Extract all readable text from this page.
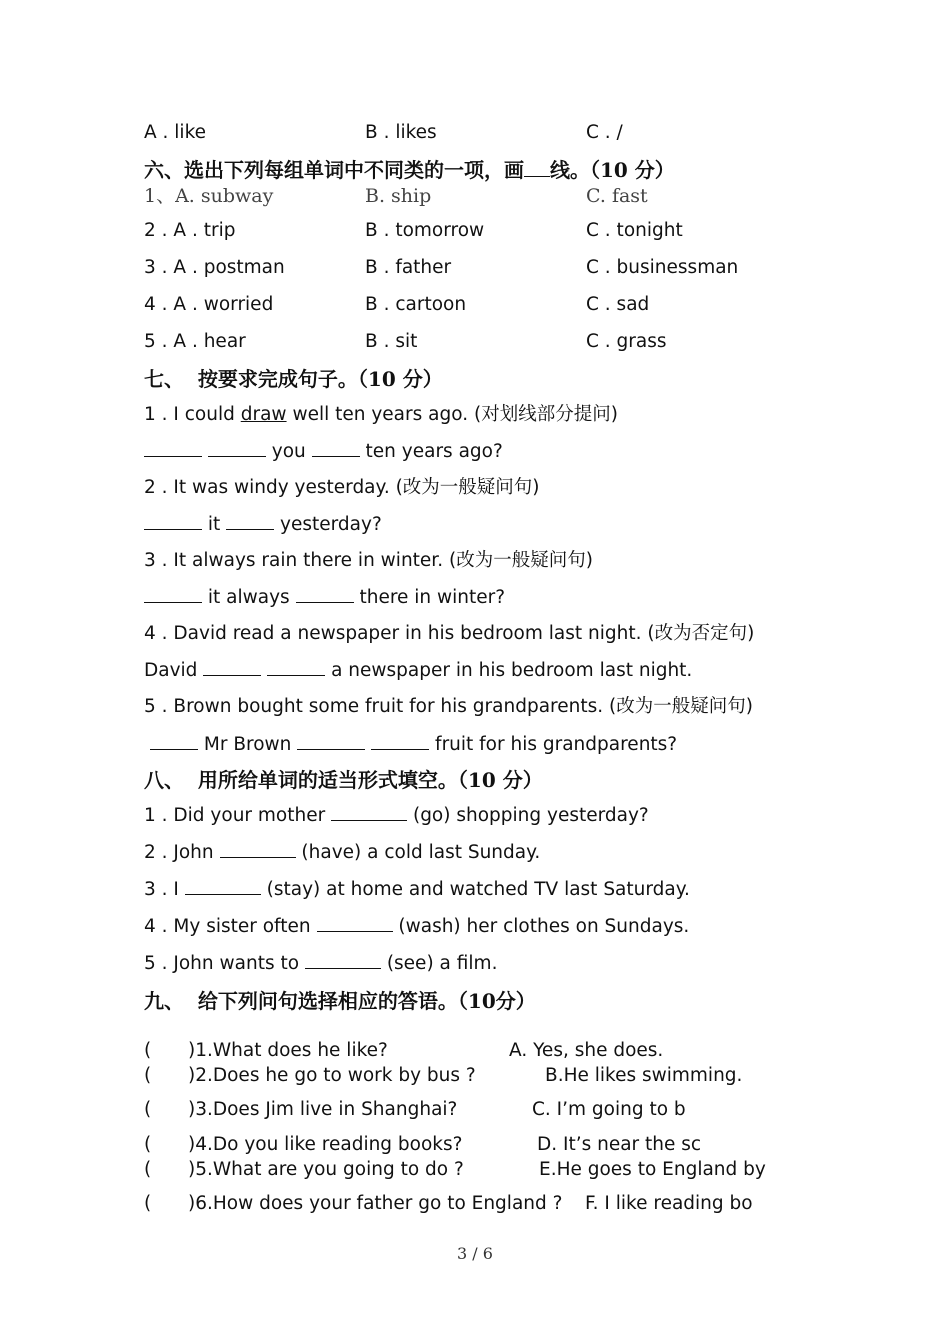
A . like	B . likes	C . /
六、选出下列每组单词中不同类的一项，画 线。（10 分）
1、A. subway	B. ship	C. fast
2 . A . trip	B . tomorrow	C . tonight
3 . A . postman	B . father	C . businessman
4 . A . worried	B . cartoon	C . sad
5 . A . hear	B . sit	C . grass
七、  按要求完成句子。（10 分）
1 . I could draw well ten years ago. (对划线部分提问)
you	ten years ago?
2 . It was windy yesterday. (改为一般疑问句)
it	yesterday?
3 . It always rain there in winter. (改为一般疑问句)
it always	there in winter?
4 . David read a newspaper in his bedroom last night. (改为否定句)
David	a newspaper in his bedroom last night.
5 . Brown bought some fruit for his grandparents. (改为一般疑问句)
Mr Brown	fruit for his grandparents?
八、  用所给单词的适当形式填空。（10 分）
1 . Did your mother	(go) shopping yesterday?
2 . John	(have) a cold last Sunday.
3 . I	(stay) at home and watched TV last Saturday.
4 . My sister often	(wash) her clothes on Sundays.
5 . John wants to	(see) a film.
九、  给下列问句选择相应的答语。（10分）
( )1.What does he like?	A. Yes, she does.
( )2.Does he go to work by bus ?	B.He likes swimming.
( )3.Does Jim live in Shanghai?	C. I’m going to b
( )4.Do you like reading books?	D. It’s near the sc
( )5.What are you going to do ?	E.He goes to England by
( )6.How does your father go to England ? F. I like reading bo
3 / 6
